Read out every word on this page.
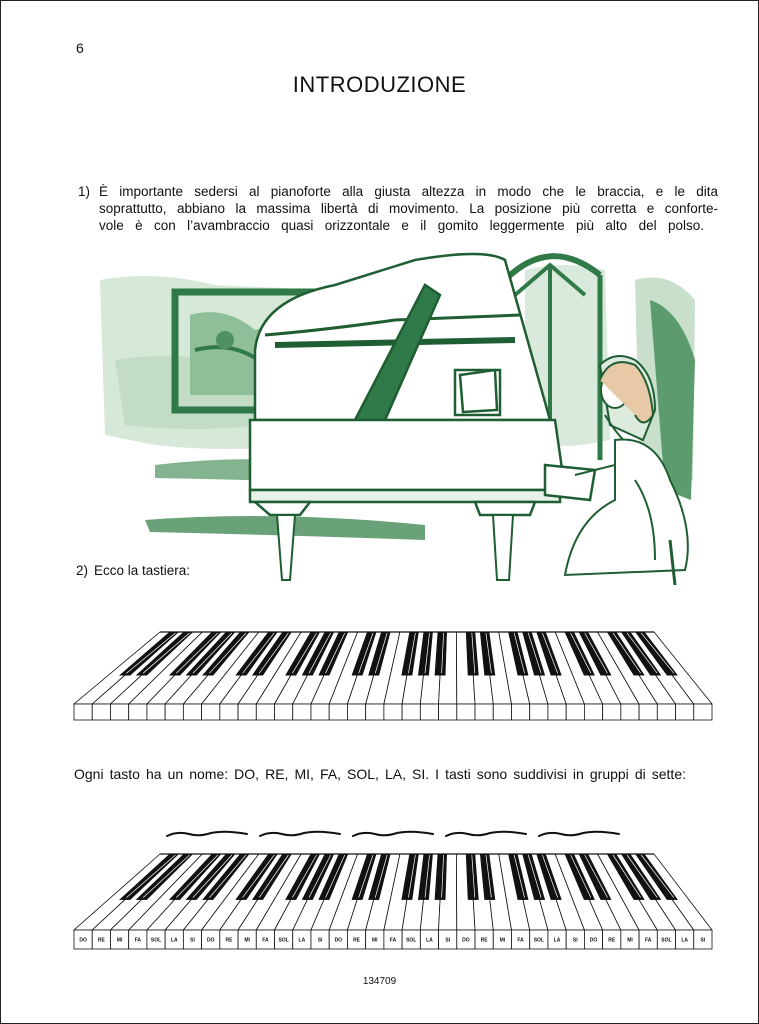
6
INTRODUZIONE
1) È importante sedersi al pianoforte alla giusta altezza in modo che le braccia, e le dita
soprattutto, abbiano la massima libertà di movimento. La posizione più corretta e conforte-
vole è con l’avambraccio quasi orizzontale e il gomito leggermente più alto del polso.
2) Ecco la tastiera:
Ogni tasto ha un nome: DO, RE, MI, FA, SOL, LA, SI. I tasti sono suddivisi in gruppi di sette:
DO RE MI FA SOL LA	SI DO RE MI FA SOL LA	SI DO RE MI FA SOL LA	SI DO RE MI FA SOL LA	SI DO RE MI FA SOL LA	SI
134709
